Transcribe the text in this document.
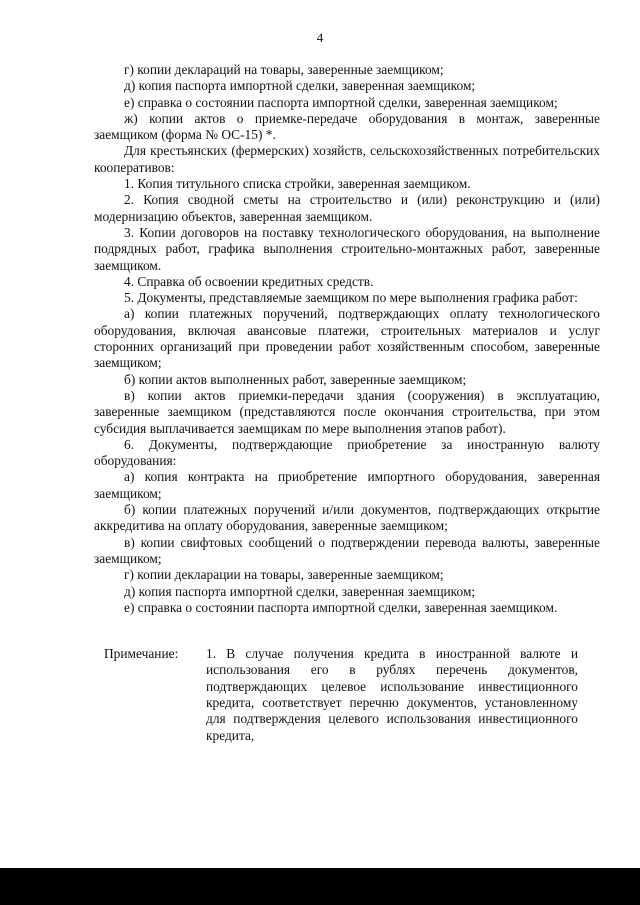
4

г) копии деклараций на товары, заверенные заемщиком;

д) копия паспорта импортной сделки, заверенная заемщиком;

е) справка о состоянии паспорта импортной сделки, заверенная заемщиком;

ж) копии актов о приемке-передаче оборудования в монтаж, заверенные заемщиком (форма № ОС-15) *.

Для крестьянских (фермерских) хозяйств, сельскохозяйственных потребительских кооперативов:

1. Копия титульного списка стройки, заверенная заемщиком.

2. Копия сводной сметы на строительство и (или) реконструкцию и (или) модернизацию объектов, заверенная заемщиком.

3. Копии договоров на поставку технологического оборудования, на выполнение подрядных работ, графика выполнения строительно-монтажных работ, заверенные заемщиком.

4. Справка об освоении кредитных средств.

5. Документы, представляемые заемщиком по мере выполнения графика работ:

а) копии платежных поручений, подтверждающих оплату технологического оборудования, включая авансовые платежи, строительных материалов и услуг сторонних организаций при проведении работ хозяйственным способом, заверенные заемщиком;

б) копии актов выполненных работ, заверенные заемщиком;

в) копии актов приемки-передачи здания (сооружения) в эксплуатацию, заверенные заемщиком (представляются после окончания строительства, при этом субсидия выплачивается заемщикам по мере выполнения этапов работ).

6. Документы, подтверждающие приобретение за иностранную валюту оборудования:

а) копия контракта на приобретение импортного оборудования, заверенная заемщиком;

б) копии платежных поручений и/или документов, подтверждающих открытие аккредитива на оплату оборудования, заверенные заемщиком;

в) копии свифтовых сообщений о подтверждении перевода валюты, заверенные заемщиком;

г) копии декларации на товары, заверенные заемщиком;

д) копия паспорта импортной сделки, заверенная заемщиком;

е) справка о состоянии паспорта импортной сделки, заверенная заемщиком.

Примечание:	1. В случае получения кредита в иностранной валюте и использования его в рублях перечень документов, подтверждающих целевое использование инвестиционного кредита, соответствует перечню документов, установленному для подтверждения целевого использования инвестиционного кредита,
